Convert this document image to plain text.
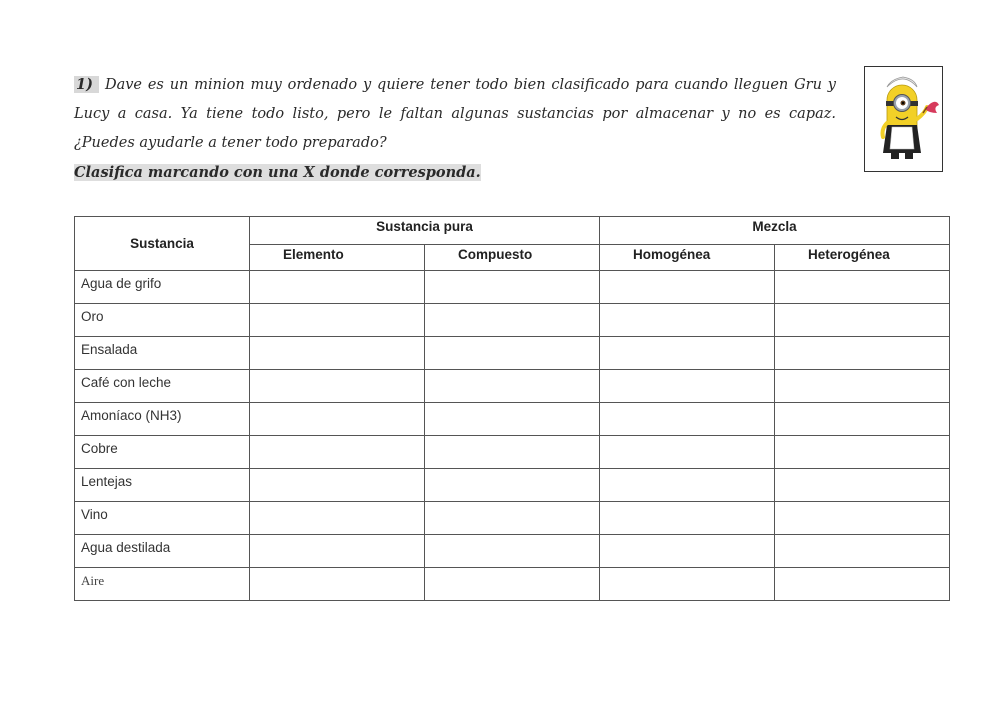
1) Dave es un minion muy ordenado y quiere tener todo bien clasificado para cuando lleguen Gru y Lucy a casa. Ya tiene todo listo, pero le faltan algunas sustancias por almacenar y no es capaz. ¿Puedes ayudarle a tener todo preparado?

Clasifica marcando con una X donde corresponda.

Sustancia	Sustancia pura		Mezcla	
	Elemento	Compuesto	Homogénea	Heterogénea
Agua de grifo				
Oro				
Ensalada				
Café con leche				
Amoníaco (NH3)				
Cobre				
Lentejas				
Vino				
Agua destilada				
Aire				
